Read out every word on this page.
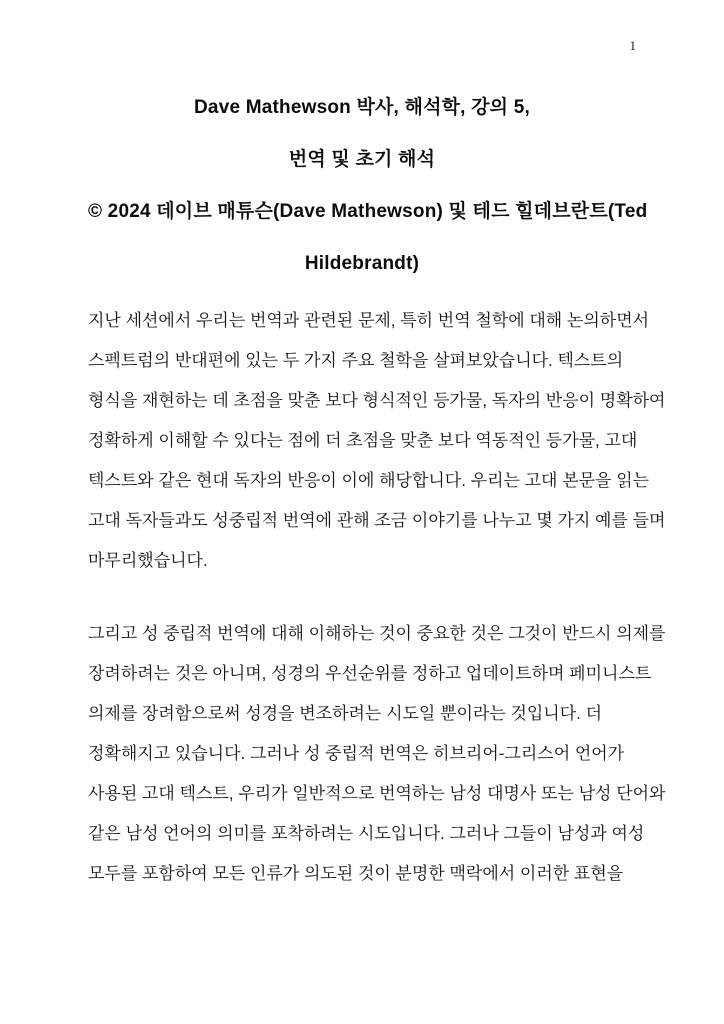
1
Dave Mathewson 박사, 해석학, 강의 5,
번역 및 초기 해석
© 2024 데이브 매튜슨(Dave Mathewson) 및 테드 힐데브란트(Ted
Hildebrandt)
지난 세션에서 우리는 번역과 관련된 문제, 특히 번역 철학에 대해 논의하면서
스펙트럼의 반대편에 있는 두 가지 주요 철학을 살펴보았습니다. 텍스트의
형식을 재현하는 데 초점을 맞춘 보다 형식적인 등가물, 독자의 반응이 명확하여
정확하게 이해할 수 있다는 점에 더 초점을 맞춘 보다 역동적인 등가물, 고대
텍스트와 같은 현대 독자의 반응이 이에 해당합니다. 우리는 고대 본문을 읽는
고대 독자들과도 성중립적 번역에 관해 조금 이야기를 나누고 몇 가지 예를 들며
마무리했습니다.
그리고 성 중립적 번역에 대해 이해하는 것이 중요한 것은 그것이 반드시 의제를
장려하려는 것은 아니며, 성경의 우선순위를 정하고 업데이트하며 페미니스트
의제를 장려함으로써 성경을 변조하려는 시도일 뿐이라는 것입니다. 더
정확해지고 있습니다. 그러나 성 중립적 번역은 히브리어-그리스어 언어가
사용된 고대 텍스트, 우리가 일반적으로 번역하는 남성 대명사 또는 남성 단어와
같은 남성 언어의 의미를 포착하려는 시도입니다. 그러나 그들이 남성과 여성
모두를 포함하여 모든 인류가 의도된 것이 분명한 맥락에서 이러한 표현을
